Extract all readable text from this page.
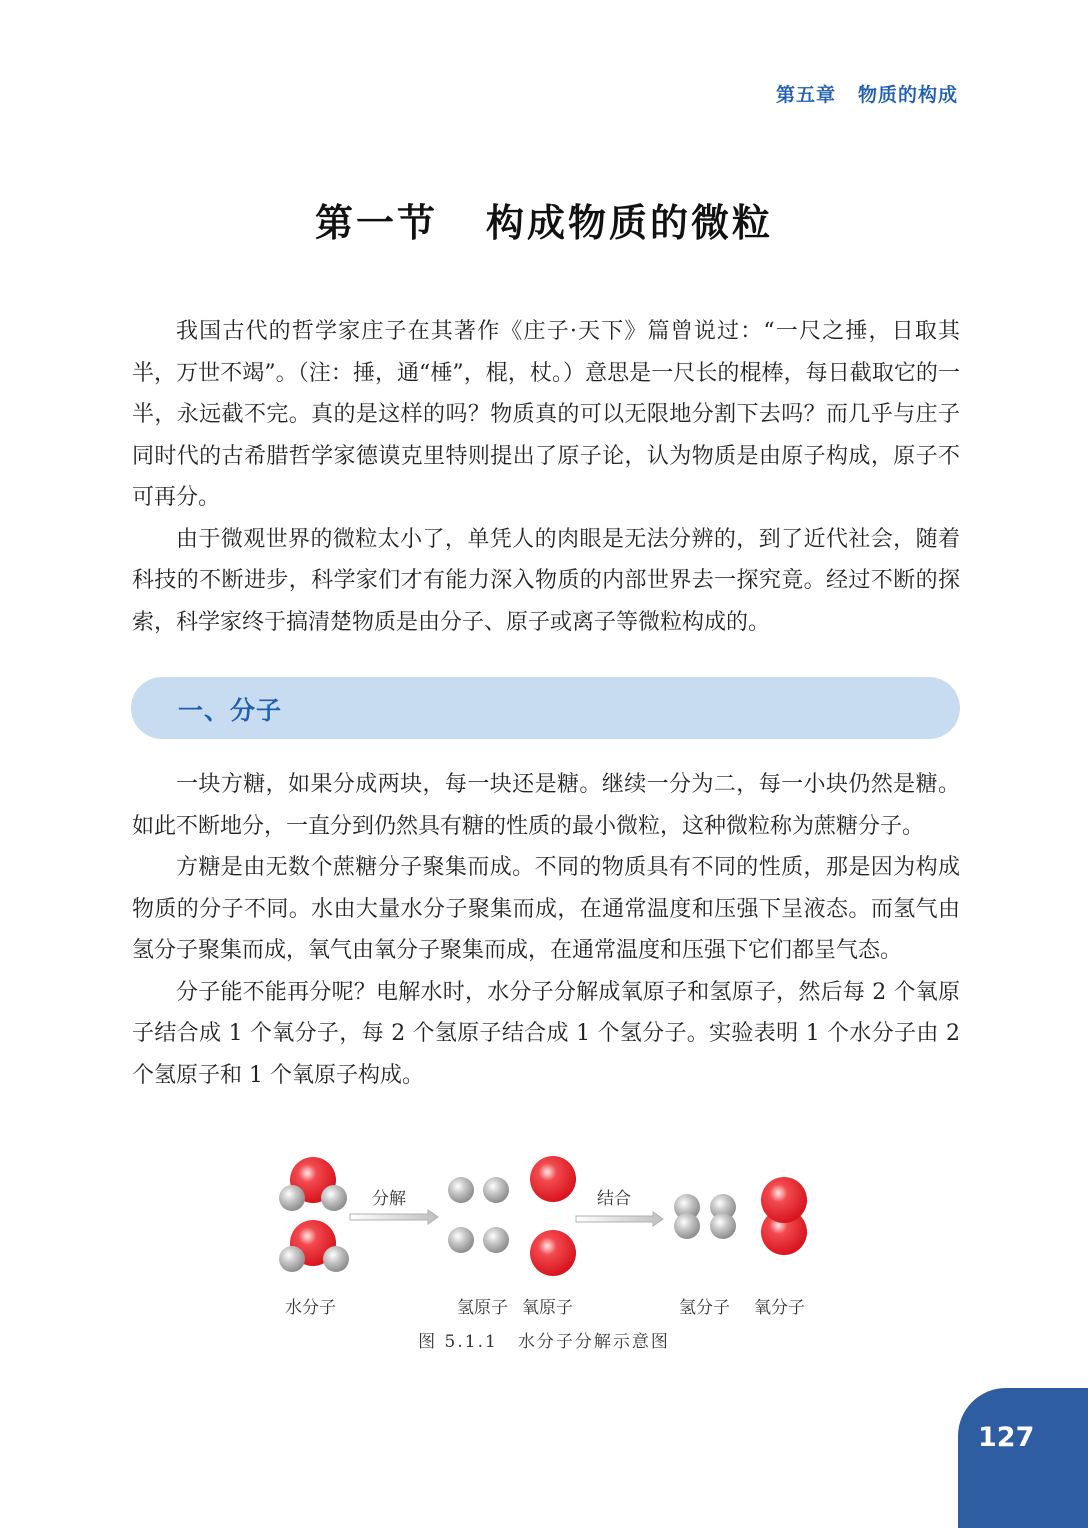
第五章 物质的构成
第一节 构成物质的微粒

我国古代的哲学家庄子在其著作《庄子·天下》篇曾说过：“一尺之捶，日取其半，万世不竭”。（注：捶，通“棰”，棍，杖。）意思是一尺长的棍棒，每日截取它的一半，永远截不完。真的是这样的吗？物质真的可以无限地分割下去吗？而几乎与庄子同时代的古希腊哲学家德谟克里特则提出了原子论，认为物质是由原子构成，原子不可再分。

由于微观世界的微粒太小了，单凭人的肉眼是无法分辨的，到了近代社会，随着科技的不断进步，科学家们才有能力深入物质的内部世界去一探究竟。经过不断的探索，科学家终于搞清楚物质是由分子、原子或离子等微粒构成的。

一、分子

一块方糖，如果分成两块，每一块还是糖。继续一分为二，每一小块仍然是糖。如此不断地分，一直分到仍然具有糖的性质的最小微粒，这种微粒称为蔗糖分子。

方糖是由无数个蔗糖分子聚集而成。不同的物质具有不同的性质，那是因为构成物质的分子不同。水由大量水分子聚集而成，在通常温度和压强下呈液态。而氢气由氢分子聚集而成，氧气由氧分子聚集而成，在通常温度和压强下它们都呈气态。

分子能不能再分呢？电解水时，水分子分解成氧原子和氢原子，然后每 2 个氧原子结合成 1 个氧分子，每 2 个氢原子结合成 1 个氢分子。实验表明 1 个水分子由 2 个氢原子和 1 个氧原子构成。

分解	结合
水分子	氢原子 氧原子	氢分子 氧分子
图 5.1.1 水分子分解示意图
127
